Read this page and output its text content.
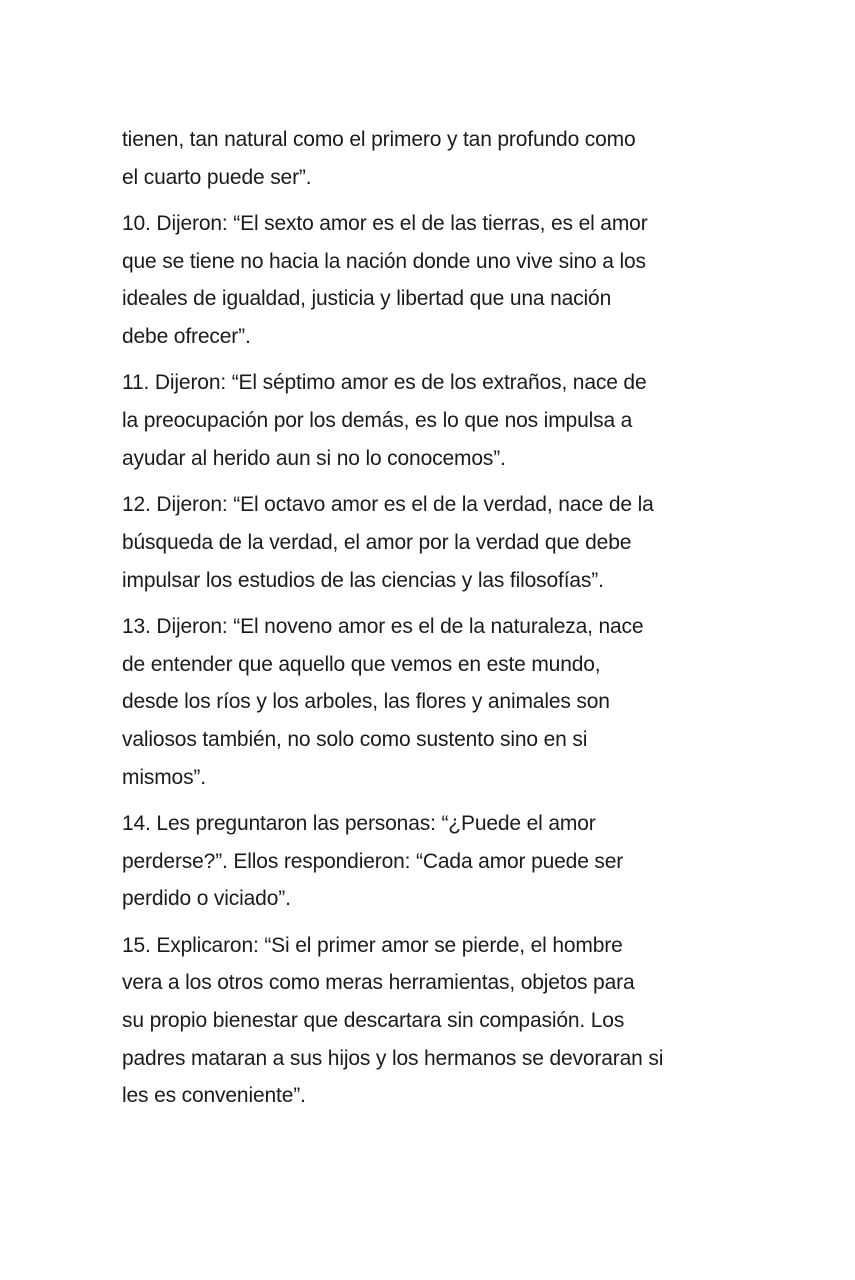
tienen, tan natural como el primero y tan profundo como
el cuarto puede ser”.

10. Dijeron: “El sexto amor es el de las tierras, es el amor
que se tiene no hacia la nación donde uno vive sino a los
ideales de igualdad, justicia y libertad que una nación
debe ofrecer”.

11. Dijeron: “El séptimo amor es de los extraños, nace de
la preocupación por los demás, es lo que nos impulsa a
ayudar al herido aun si no lo conocemos”.

12. Dijeron: “El octavo amor es el de la verdad, nace de la
búsqueda de la verdad, el amor por la verdad que debe
impulsar los estudios de las ciencias y las filosofías”.

13. Dijeron: “El noveno amor es el de la naturaleza, nace
de entender que aquello que vemos en este mundo,
desde los ríos y los arboles, las flores y animales son
valiosos también, no solo como sustento sino en si
mismos”.

14. Les preguntaron las personas: “¿Puede el amor
perderse?”. Ellos respondieron: “Cada amor puede ser
perdido o viciado”.

15. Explicaron: “Si el primer amor se pierde, el hombre
vera a los otros como meras herramientas, objetos para
su propio bienestar que descartara sin compasión. Los
padres mataran a sus hijos y los hermanos se devoraran si
les es conveniente”.
